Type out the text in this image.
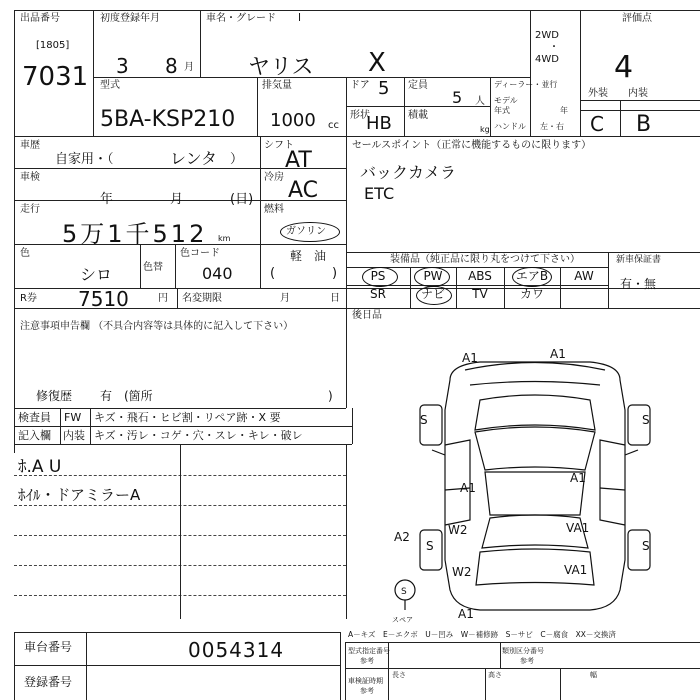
出品番号
[1805]
7031
初度登録年月
3 8 月
車名・グレード l
ヤリス X
2WD
・
4WD
評価点
4
型式
5BA-KSP210
排気量
1000 cc
ドア 5
形状
HB
定員
5 人
積載
kg
ディーラー・並行
モデル
年式	年
ハンドル 左・右
外装 内装
C B
車歴
自家用・（	レンタ ）
シフト
AT
車検
年	月	(日)
冷房
AC
走行
5万1千512 km
燃料
ガソリン
軽　油
色
シロ	色替
色コード
040	(	)
R券 7510	円 名変期限	月	日
セールスポイント（正常に機能するものに限ります）
バックカメラ
ETC
装備品（純正品に限り丸をつけて下さい）	新車保証書
PS	PW	ABS	エアB	AW
SR	ナビ	TV	カワ
有・無
後日品
注意事項申告欄 （不具合内容等は具体的に記入して下さい）
修復歴 有　(箇所	)
検査員
記入欄
FW キズ・飛石・ヒビ割・リペア跡・X 要
内装 キズ・汚レ・コゲ・穴・スレ・キレ・破レ
ﾎ.A U
ﾎｲﾙ・ドアミラーA
A1	A1
S	S
A1
A1
W2
W2
VA1
A2
S	S
VA1
A1
S
スペア
A－キズ　E－エクボ　U－凹み　W－補修跡　S－サビ　C－腐食　XX－交換済
車台番号	0054314
登録番号
型式指定番号
参考
類別区分番号
参考
長さ	高さ
車検証時期
参考
幅
